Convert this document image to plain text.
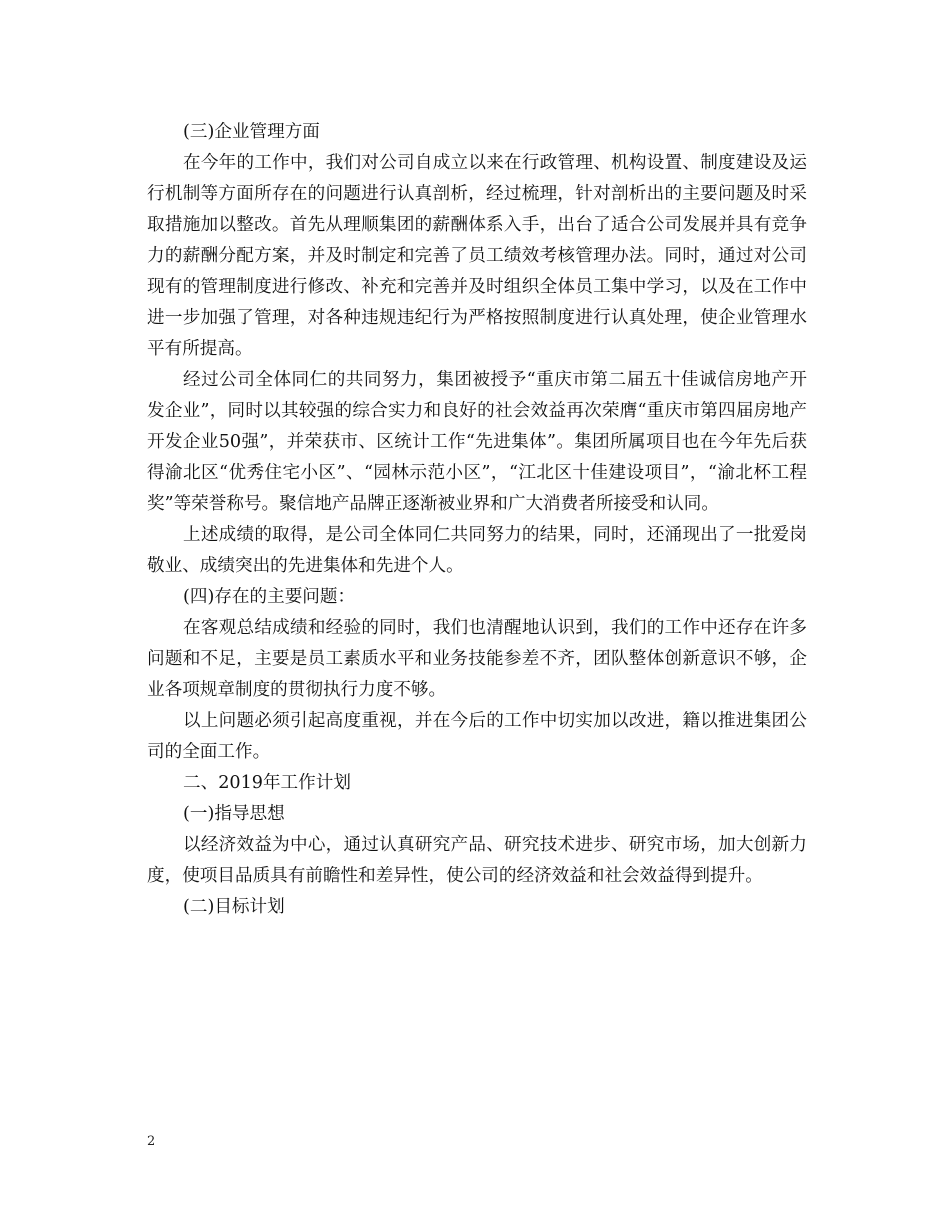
(三)企业管理方面

在今年的工作中，我们对公司自成立以来在行政管理、机构设置、制度建设及运行机制等方面所存在的问题进行认真剖析，经过梳理，针对剖析出的主要问题及时采取措施加以整改。首先从理顺集团的薪酬体系入手，出台了适合公司发展并具有竞争力的薪酬分配方案，并及时制定和完善了员工绩效考核管理办法。同时，通过对公司现有的管理制度进行修改、补充和完善并及时组织全体员工集中学习，以及在工作中进一步加强了管理，对各种违规违纪行为严格按照制度进行认真处理，使企业管理水平有所提高。

经过公司全体同仁的共同努力，集团被授予“重庆市第二届五十佳诚信房地产开发企业”，同时以其较强的综合实力和良好的社会效益再次荣膺“重庆市第四届房地产开发企业50强”，并荣获市、区统计工作“先进集体”。集团所属项目也在今年先后获得渝北区“优秀住宅小区”、“园林示范小区”，“江北区十佳建设项目”，“渝北杯工程奖”等荣誉称号。聚信地产品牌正逐渐被业界和广大消费者所接受和认同。

上述成绩的取得，是公司全体同仁共同努力的结果，同时，还涌现出了一批爱岗敬业、成绩突出的先进集体和先进个人。

(四)存在的主要问题：

在客观总结成绩和经验的同时，我们也清醒地认识到，我们的工作中还存在许多问题和不足，主要是员工素质水平和业务技能参差不齐，团队整体创新意识不够，企业各项规章制度的贯彻执行力度不够。

以上问题必须引起高度重视，并在今后的工作中切实加以改进，籍以推进集团公司的全面工作。

二、2019年工作计划

(一)指导思想

以经济效益为中心，通过认真研究产品、研究技术进步、研究市场，加大创新力度，使项目品质具有前瞻性和差异性，使公司的经济效益和社会效益得到提升。

(二)目标计划

2
